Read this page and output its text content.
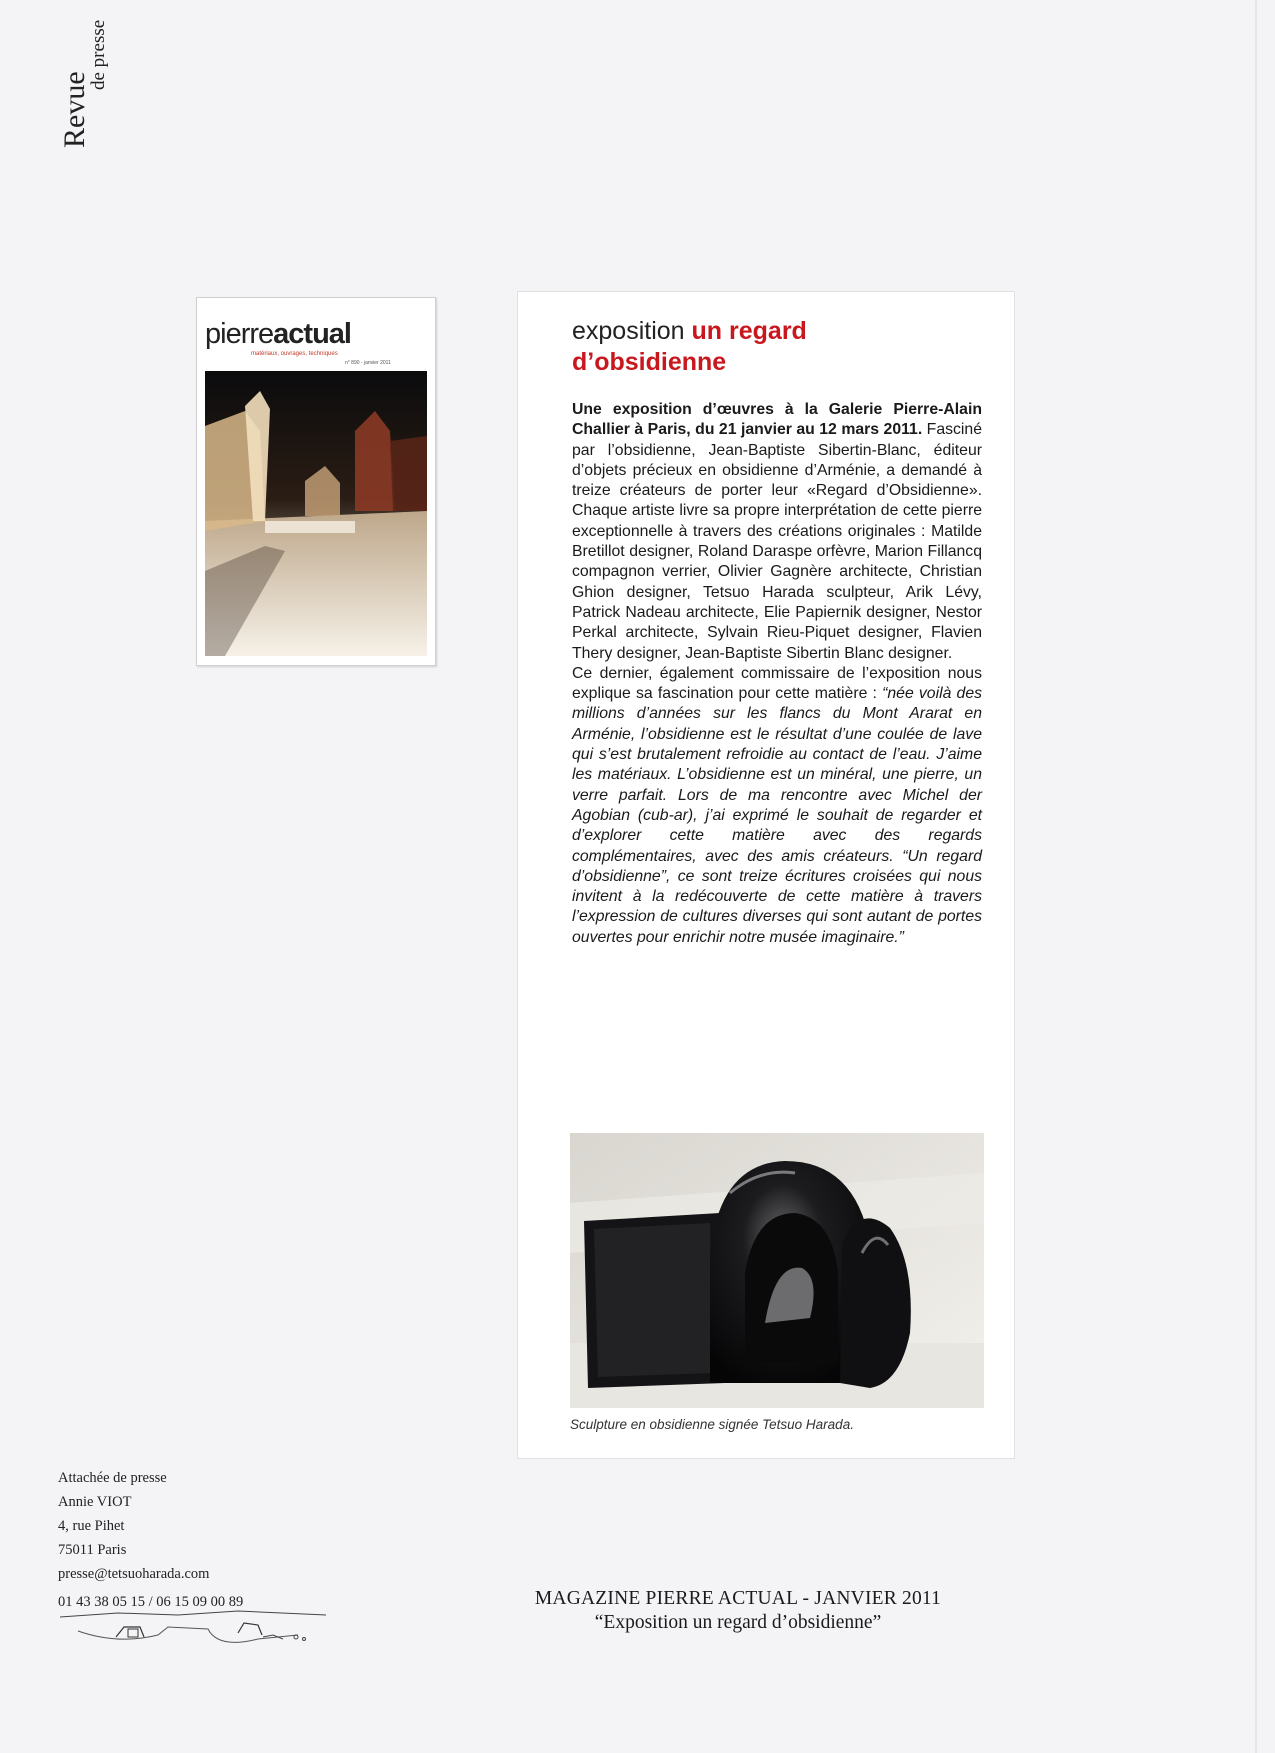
Revue
de presse
pierreactual
matériaux, ouvrages, techniques
n° 890 - janvier 2011
exposition un regard
d’obsidienne

Une exposition d’œuvres à la Galerie Pierre-Alain Challier à Paris, du 21 janvier au 12 mars 2011. Fasciné par l’obsidienne, Jean-Baptiste Sibertin-Blanc, éditeur d’objets précieux en obsidienne d’Arménie, a demandé à treize créateurs de porter leur «Regard d’Obsidienne». Chaque artiste livre sa propre interprétation de cette pierre exceptionnelle à travers des créations originales : Matilde Bretillot designer, Roland Daraspe orfèvre, Marion Fillancq compagnon verrier, Olivier Gagnère architecte, Christian Ghion designer, Tetsuo Harada sculpteur, Arik Lévy, Patrick Nadeau architecte, Elie Papiernik designer, Nestor Perkal architecte, Sylvain Rieu-Piquet designer, Flavien Thery designer, Jean-Baptiste Sibertin Blanc designer.

Ce dernier, également commissaire de l’exposition nous explique sa fascination pour cette matière : “née voilà des millions d’années sur les flancs du Mont Ararat en Arménie, l’obsidienne est le résultat d’une coulée de lave qui s’est brutalement refroidie au contact de l’eau. J’aime les matériaux. L’obsidienne est un minéral, une pierre, un verre parfait. Lors de ma rencontre avec Michel der Agobian (cub-ar), j’ai exprimé le souhait de regarder et d’explorer cette matière avec des regards complémentaires, avec des amis créateurs. “Un regard d’obsidienne”, ce sont treize écritures croisées qui nous invitent à la redécouverte de cette matière à travers l’expression de cultures diverses qui sont autant de portes ouvertes pour enrichir notre musée imaginaire.”

Sculpture en obsidienne signée Tetsuo Harada.
Attachée de presse
Annie VIOT
4, rue Pihet
75011 Paris
presse@tetsuoharada.com
01 43 38 05 15 / 06 15 09 00 89	MAGAZINE PIERRE ACTUAL - JANVIER 2011
“Exposition un regard d’obsidienne”
